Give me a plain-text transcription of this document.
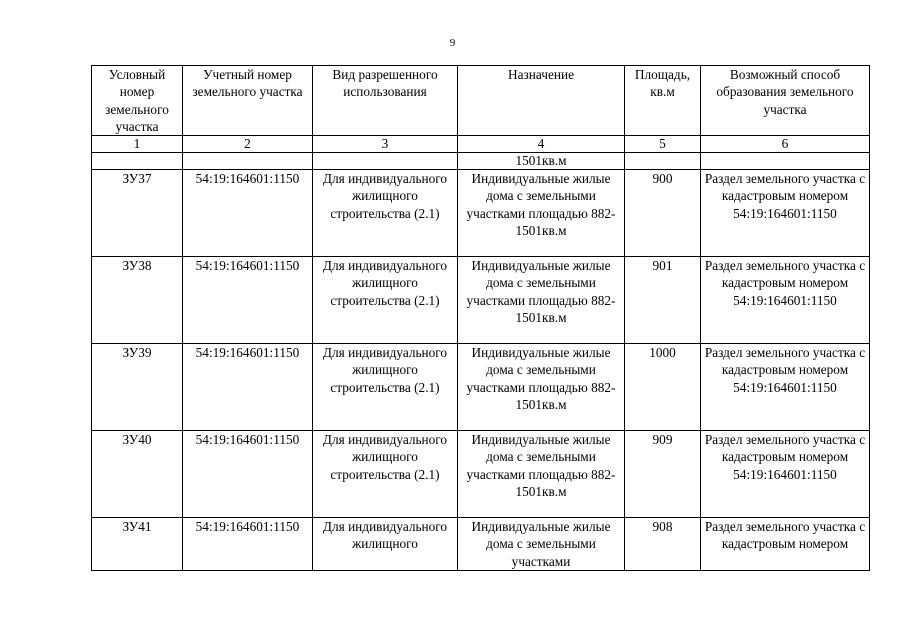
9
Условный номер земельного участка	Учетный номер земельного участка	Вид разрешенного использования	Назначение	Площадь, кв.м	Возможный способ образования земельного участка
1	2	3	4	5	6
			1501кв.м		
ЗУ37	54:19:164601:1150	Для индивидуального жилищного строительства (2.1)	Индивидуальные жилые дома с земельными участками площадью 882-1501кв.м	900	Раздел земельного участка с кадастровым номером 54:19:164601:1150
ЗУ38	54:19:164601:1150	Для индивидуального жилищного строительства (2.1)	Индивидуальные жилые дома с земельными участками площадью 882-1501кв.м	901	Раздел земельного участка с кадастровым номером 54:19:164601:1150
ЗУ39	54:19:164601:1150	Для индивидуального жилищного строительства (2.1)	Индивидуальные жилые дома с земельными участками площадью 882-1501кв.м	1000	Раздел земельного участка с кадастровым номером 54:19:164601:1150
ЗУ40	54:19:164601:1150	Для индивидуального жилищного строительства (2.1)	Индивидуальные жилые дома с земельными участками площадью 882-1501кв.м	909	Раздел земельного участка с кадастровым номером 54:19:164601:1150
ЗУ41	54:19:164601:1150	Для индивидуального жилищного	Индивидуальные жилые дома с земельными участками	908	Раздел земельного участка с кадастровым номером
